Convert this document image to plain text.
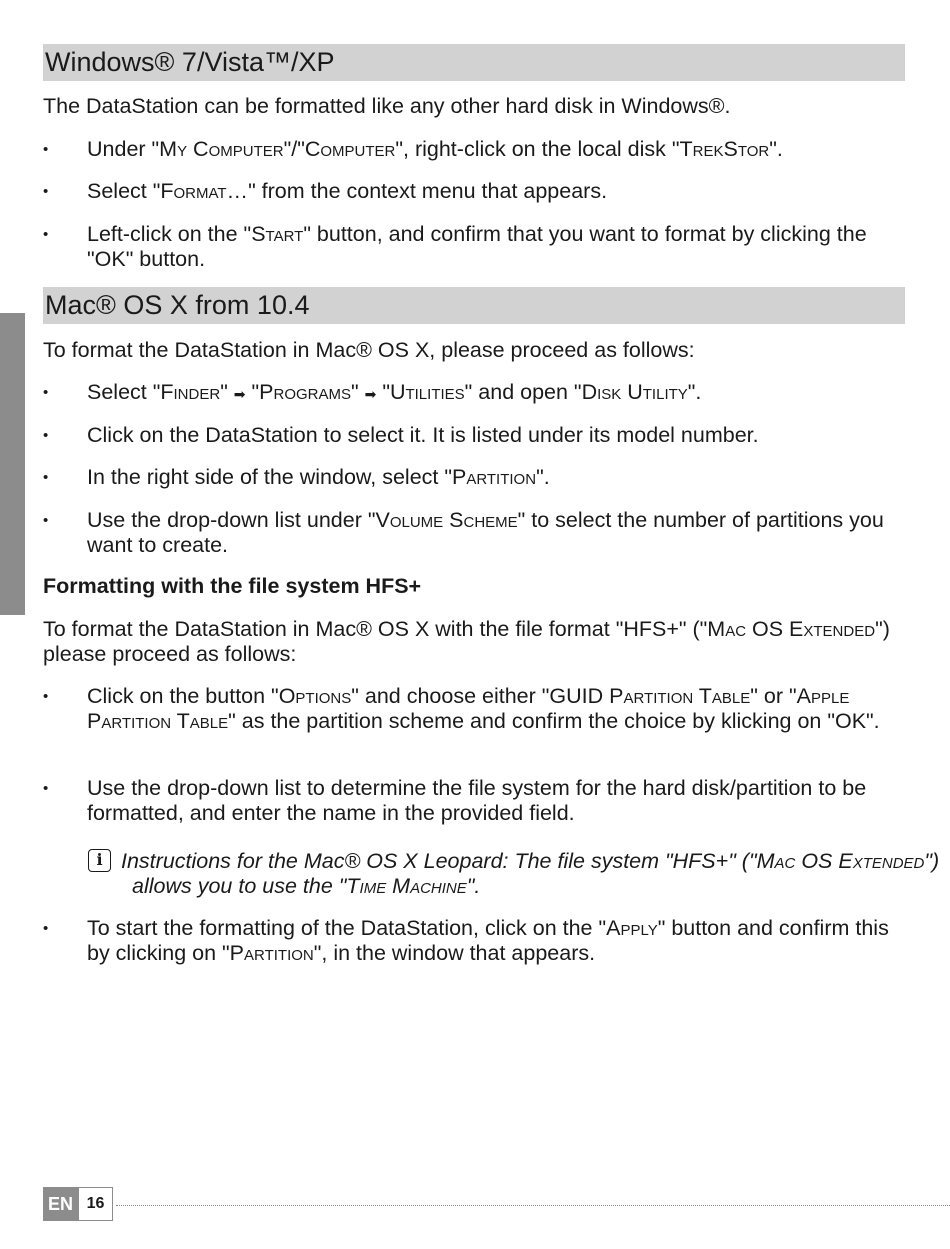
Windows® 7/Vista™/XP
The DataStation can be formatted like any other hard disk in Windows®.
• Under "My Computer"/"Computer", right-click on the local disk "TrekStor".
• Select "Format…" from the context menu that appears.
• Left-click on the "Start" button, and confirm that you want to format by clicking the "OK" button.
Mac® OS X from 10.4
To format the DataStation in Mac® OS X, please proceed as follows:
• Select "Finder" ➡ "Programs" ➡ "Utilities" and open "Disk Utility".
• Click on the DataStation to select it. It is listed under its model number.
• In the right side of the window, select "Partition".
• Use the drop-down list under "Volume Scheme" to select the number of partitions you want to create.
Formatting with the file system HFS+
To format the DataStation in Mac® OS X with the file format "HFS+" ("Mac OS Extended") please proceed as follows:
• Click on the button "Options" and choose either "GUID Partition Table" or "Apple Partition Table" as the partition scheme and confirm the choice by klicking on "OK".
• Use the drop-down list to determine the file system for the hard disk/partition to be formatted, and enter the name in the provided field.
i Instructions for the Mac® OS X Leopard: The file system "HFS+" ("Mac OS Extended")
allows you to use the "Time Machine".
• To start the formatting of the DataStation, click on the "Apply" button and confirm this by clicking on "Partition", in the window that appears.
EN 16
